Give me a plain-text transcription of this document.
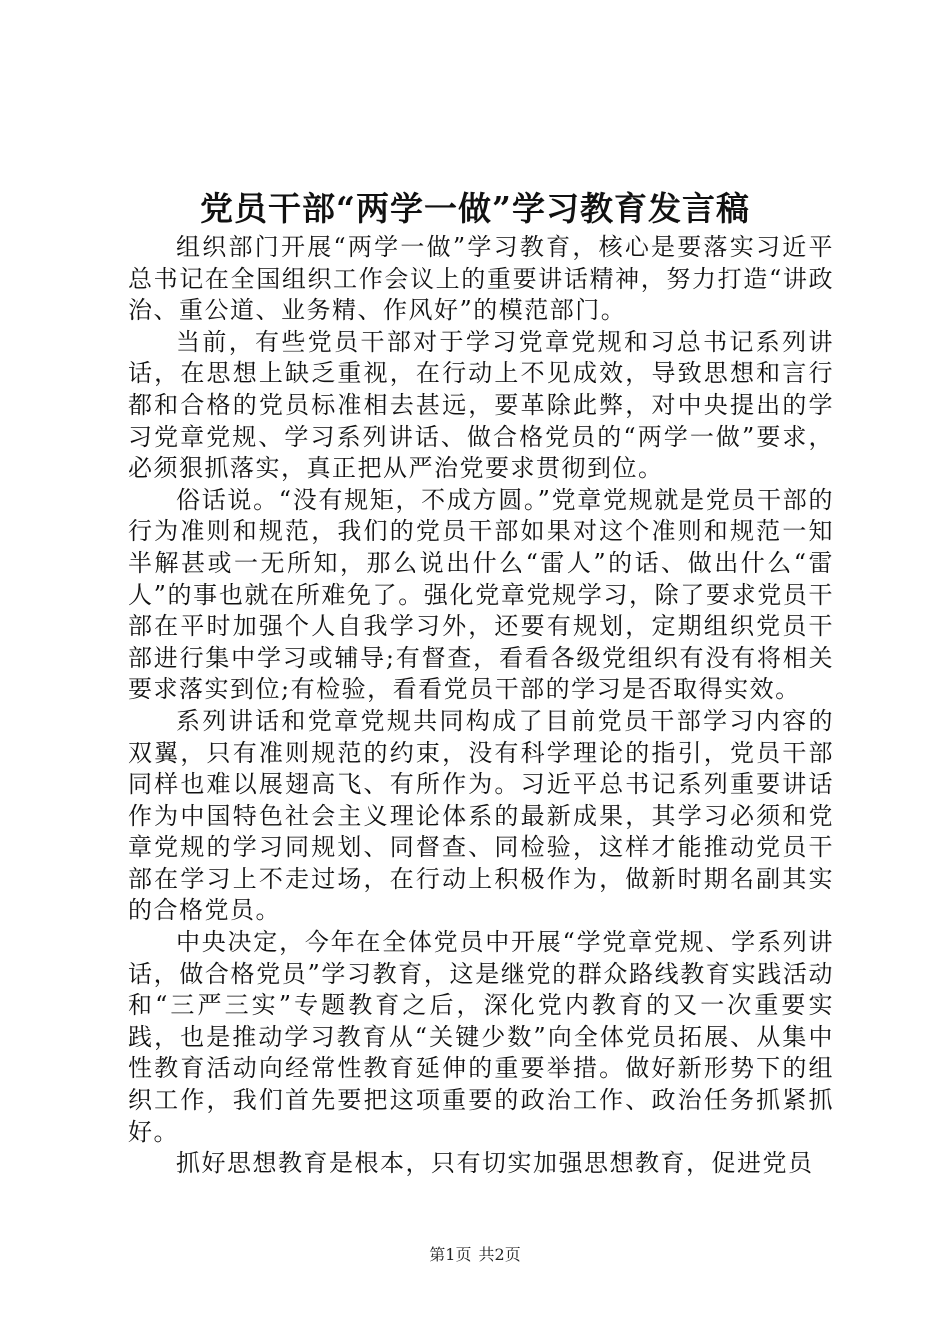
党员干部“两学一做”学习教育发言稿

组织部门开展“两学一做”学习教育，核心是要落实习近平总书记在全国组织工作会议上的重要讲话精神，努力打造“讲政治、重公道、业务精、作风好”的模范部门。

当前，有些党员干部对于学习党章党规和习总书记系列讲话，在思想上缺乏重视，在行动上不见成效，导致思想和言行都和合格的党员标准相去甚远，要革除此弊，对中央提出的学习党章党规、学习系列讲话、做合格党员的“两学一做”要求，必须狠抓落实，真正把从严治党要求贯彻到位。

俗话说。“没有规矩，不成方圆。”党章党规就是党员干部的行为准则和规范，我们的党员干部如果对这个准则和规范一知半解甚或一无所知，那么说出什么“雷人”的话、做出什么“雷人”的事也就在所难免了。强化党章党规学习，除了要求党员干部在平时加强个人自我学习外，还要有规划，定期组织党员干部进行集中学习或辅导;有督查，看看各级党组织有没有将相关要求落实到位;有检验，看看党员干部的学习是否取得实效。

系列讲话和党章党规共同构成了目前党员干部学习内容的双翼，只有准则规范的约束，没有科学理论的指引，党员干部同样也难以展翅高飞、有所作为。习近平总书记系列重要讲话作为中国特色社会主义理论体系的最新成果，其学习必须和党章党规的学习同规划、同督查、同检验，这样才能推动党员干部在学习上不走过场，在行动上积极作为，做新时期名副其实的合格党员。

中央决定，今年在全体党员中开展“学党章党规、学系列讲话，做合格党员”学习教育，这是继党的群众路线教育实践活动和“三严三实”专题教育之后，深化党内教育的又一次重要实践，也是推动学习教育从“关键少数”向全体党员拓展、从集中性教育活动向经常性教育延伸的重要举措。做好新形势下的组织工作，我们首先要把这项重要的政治工作、政治任务抓紧抓好。

抓好思想教育是根本，只有切实加强思想教育，促进党员

第1页 共2页
